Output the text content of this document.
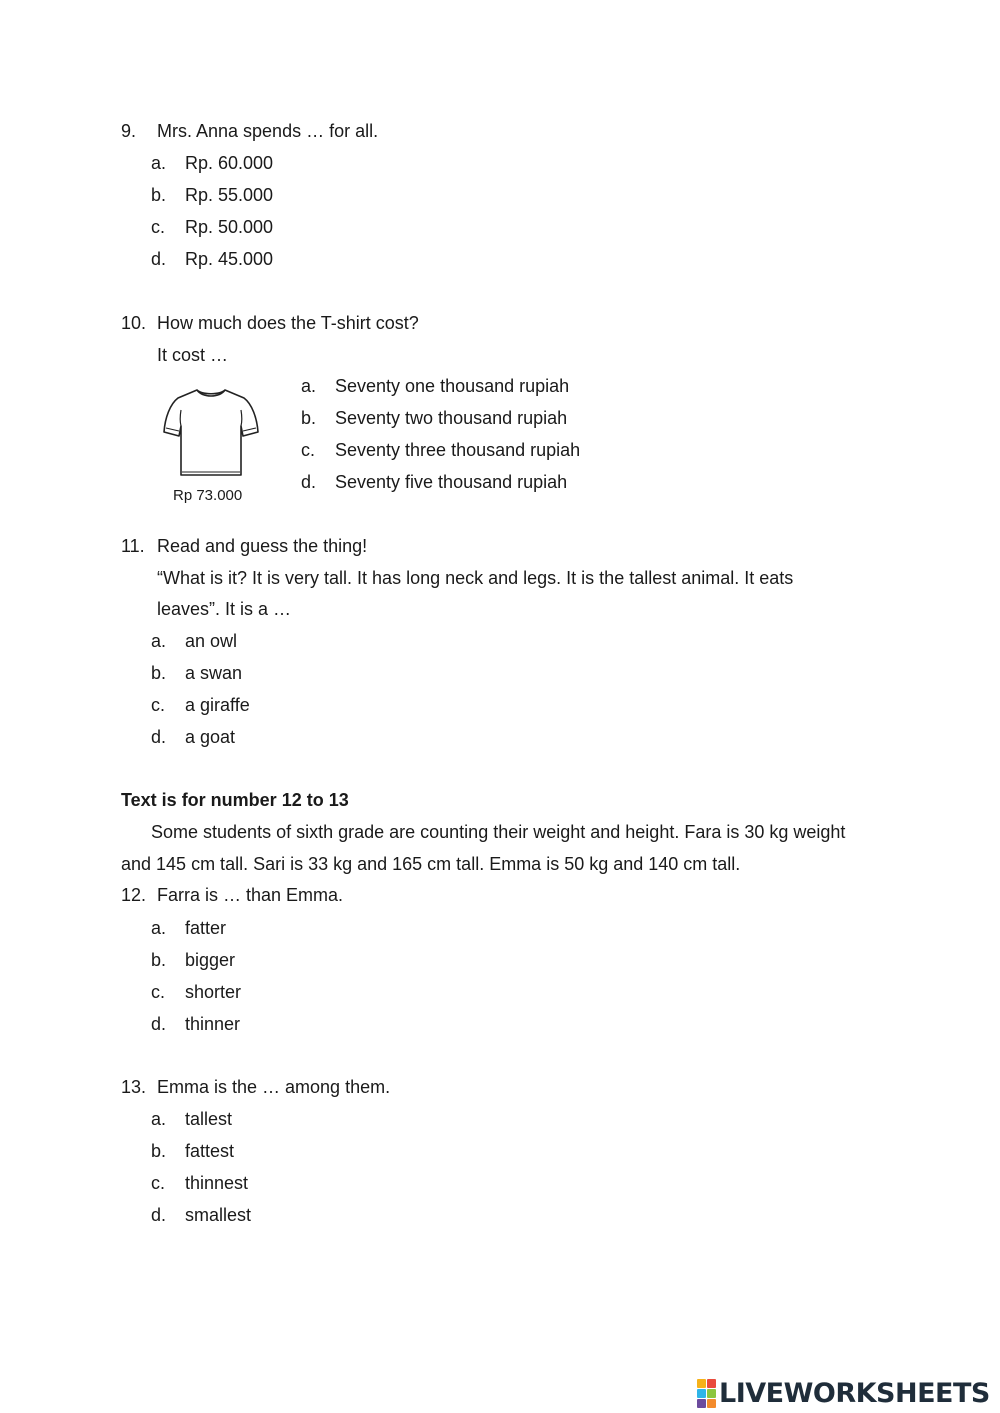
9. Mrs. Anna spends … for all.
a. Rp. 60.000
b. Rp. 55.000
c. Rp. 50.000
d. Rp. 45.000
10. How much does the T-shirt cost?
It cost …
Rp 73.000
a. Seventy one thousand rupiah
b. Seventy two thousand rupiah
c. Seventy three thousand rupiah
d. Seventy five thousand rupiah
11. Read and guess the thing!
“What is it? It is very tall. It has long neck and legs. It is the tallest animal. It eats
leaves”. It is a …
a. an owl
b. a swan
c. a giraffe
d. a goat
Text is for number 12 to 13
Some students of sixth grade are counting their weight and height. Fara is 30 kg weight
and 145 cm tall. Sari is 33 kg and 165 cm tall. Emma is 50 kg and 140 cm tall.
12. Farra is … than Emma.
a. fatter
b. bigger
c. shorter
d. thinner
13. Emma is the … among them.
a. tallest
b. fattest
c. thinnest
d. smallest
LIVEWORKSHEETS
